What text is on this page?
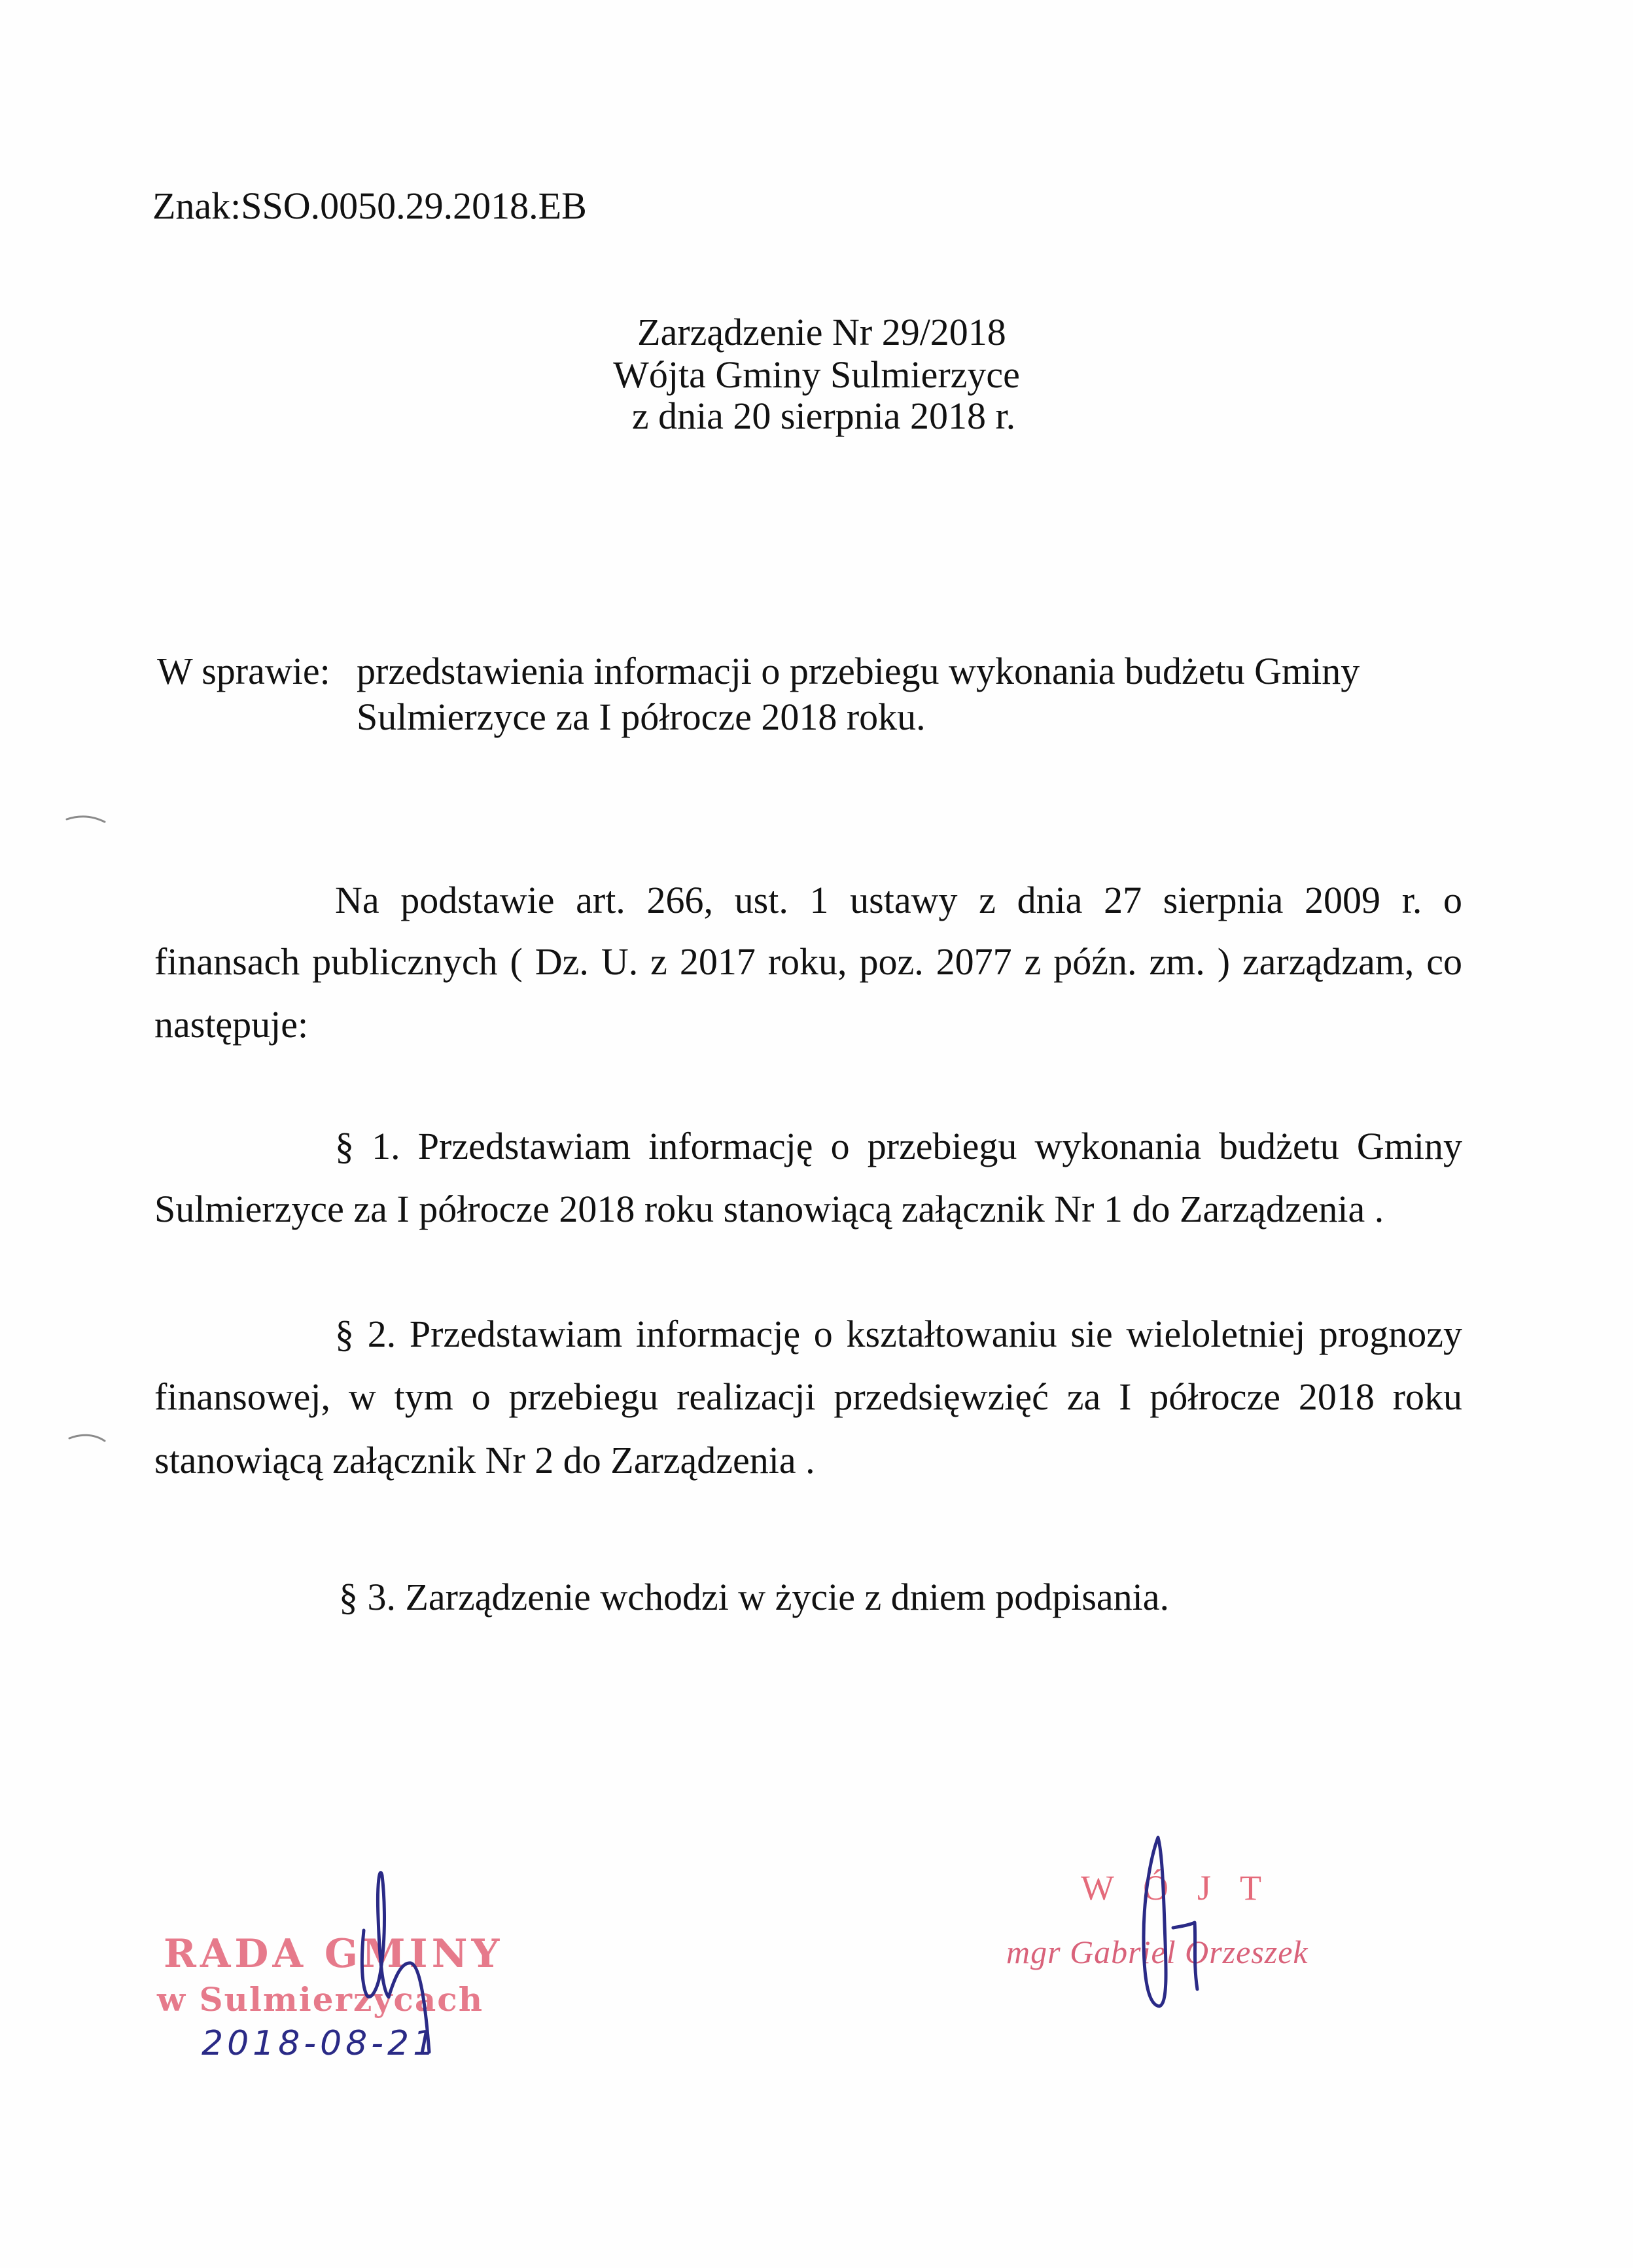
Znak:SSO.0050.29.2018.EB
Zarządzenie Nr 29/2018
Wójta Gminy Sulmierzyce
z dnia 20 sierpnia 2018 r.
W sprawie: przedstawienia informacji o przebiegu wykonania budżetu Gminy
Sulmierzyce za I półrocze 2018 roku.
Na podstawie art. 266, ust. 1 ustawy z dnia 27 sierpnia 2009 r. o
finansach publicznych ( Dz. U. z 2017 roku, poz. 2077 z późn. zm. ) zarządzam, co
następuje:
§ 1. Przedstawiam informację o przebiegu wykonania budżetu Gminy
Sulmierzyce za I półrocze 2018 roku stanowiącą załącznik Nr 1 do Zarządzenia .
§ 2. Przedstawiam informację o kształtowaniu sie wieloletniej prognozy
finansowej, w tym o przebiegu realizacji przedsięwzięć za I półrocze 2018 roku
stanowiącą załącznik Nr 2 do Zarządzenia .
§ 3. Zarządzenie wchodzi w życie z dniem podpisania.
RADA GMINY
w Sulmierzycach
2018-08-21
WÓJT
mgr Gabriel Orzeszek
